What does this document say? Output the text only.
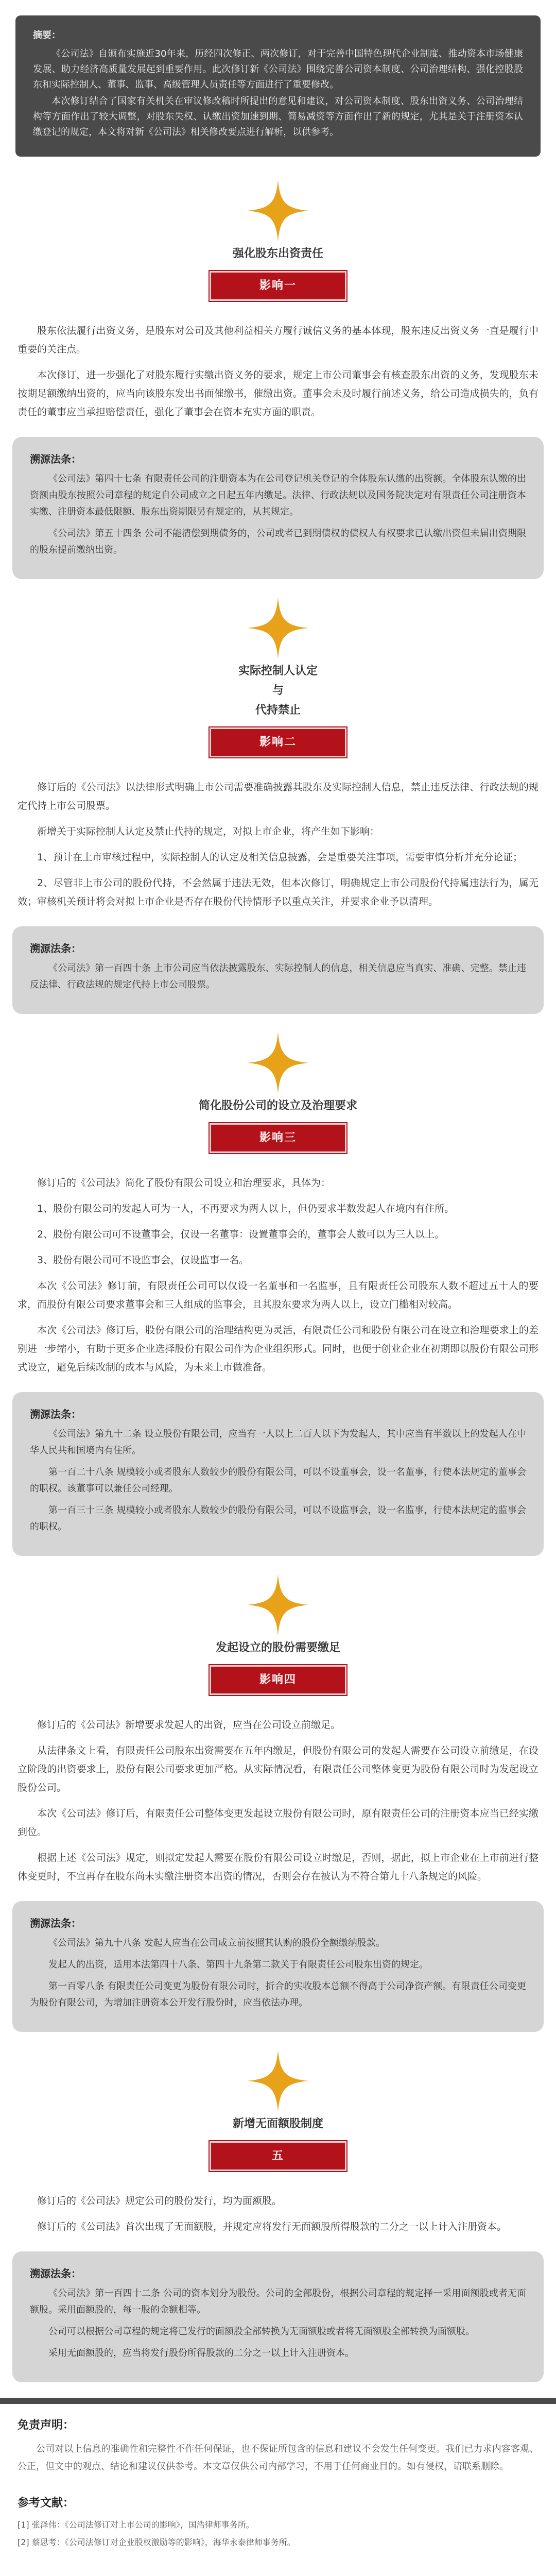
摘要：

《公司法》自颁布实施近30年来，历经四次修正、两次修订，对于完善中国特色现代企业制度、推动资本市场健康发展、助力经济高质量发展起到重要作用。此次修订新《公司法》围绕完善公司资本制度、公司治理结构、强化控股股东和实际控制人、董事、监事、高级管理人员责任等方面进行了重要修改。

本次修订结合了国家有关机关在审议修改稿时所提出的意见和建议，对公司资本制度、股东出资义务、公司治理结构等方面作出了较大调整，对股东失权、认缴出资加速到期、简易减资等方面作出了新的规定，尤其是关于注册资本认缴登记的规定，本文将对新《公司法》相关修改要点进行解析，以供参考。

强化股东出资责任

影响一

股东依法履行出资义务，是股东对公司及其他利益相关方履行诚信义务的基本体现，股东违反出资义务一直是履行中重要的关注点。

本次修订，进一步强化了对股东履行实缴出资义务的要求，规定上市公司董事会有核查股东出资的义务，发现股东未按期足额缴纳出资的，应当向该股东发出书面催缴书，催缴出资。董事会未及时履行前述义务，给公司造成损失的，负有责任的董事应当承担赔偿责任，强化了董事会在资本充实方面的职责。

溯源法条：

《公司法》第四十七条 有限责任公司的注册资本为在公司登记机关登记的全体股东认缴的出资额。全体股东认缴的出资额由股东按照公司章程的规定自公司成立之日起五年内缴足。法律、行政法规以及国务院决定对有限责任公司注册资本实缴、注册资本最低限额、股东出资期限另有规定的，从其规定。

《公司法》第五十四条 公司不能清偿到期债务的，公司或者已到期债权的债权人有权要求已认缴出资但未届出资期限的股东提前缴纳出资。

实际控制人认定

与

代持禁止

影响二

修订后的《公司法》以法律形式明确上市公司需要准确披露其股东及实际控制人信息，禁止违反法律、行政法规的规定代持上市公司股票。

新增关于实际控制人认定及禁止代持的规定，对拟上市企业，将产生如下影响：

1、预计在上市审核过程中，实际控制人的认定及相关信息披露，会是重要关注事项，需要审慎分析并充分论证；

2、尽管非上市公司的股份代持，不会然属于违法无效，但本次修订，明确规定上市公司股份代持属违法行为，属无效；审核机关预计将会对拟上市企业是否存在股份代持情形予以重点关注，并要求企业予以清理。

溯源法条：

《公司法》第一百四十条 上市公司应当依法披露股东、实际控制人的信息，相关信息应当真实、准确、完整。禁止违反法律、行政法规的规定代持上市公司股票。

简化股份公司的设立及治理要求

影响三

修订后的《公司法》简化了股份有限公司设立和治理要求，具体为：

1、股份有限公司的发起人可为一人，不再要求为两人以上，但仍要求半数发起人在境内有住所。

2、股份有限公司可不设董事会，仅设一名董事：设置董事会的，董事会人数可以为三人以上。

3、股份有限公司可不设监事会，仅设监事一名。

本次《公司法》修订前，有限责任公司可以仅设一名董事和一名监事，且有限责任公司股东人数不超过五十人的要求，而股份有限公司要求董事会和三人组成的监事会，且其股东要求为两人以上，设立门槛相对较高。

本次《公司法》修订后，股份有限公司的治理结构更为灵活，有限责任公司和股份有限公司在设立和治理要求上的差别进一步缩小，有助于更多企业选择股份有限公司作为企业组织形式。同时，也便于创业企业在初期即以股份有限公司形式设立，避免后续改制的成本与风险，为未来上市做准备。

溯源法条：

《公司法》第九十二条 设立股份有限公司，应当有一人以上二百人以下为发起人，其中应当有半数以上的发起人在中华人民共和国境内有住所。

第一百二十八条 规模较小或者股东人数较少的股份有限公司，可以不设董事会，设一名董事，行使本法规定的董事会的职权。该董事可以兼任公司经理。

第一百三十三条 规模较小或者股东人数较少的股份有限公司，可以不设监事会，设一名监事，行使本法规定的监事会的职权。

发起设立的股份需要缴足

影响四

修订后的《公司法》新增要求发起人的出资，应当在公司设立前缴足。

从法律条文上看，有限责任公司股东出资需要在五年内缴足，但股份有限公司的发起人需要在公司设立前缴足，在设立阶段的出资要求上，股份有限公司要求更加严格。从实际情况看，有限责任公司整体变更为股份有限公司时为发起设立股份公司。

本次《公司法》修订后，有限责任公司整体变更发起设立股份有限公司时，原有限责任公司的注册资本应当已经实缴到位。

根据上述《公司法》规定，则拟定发起人需要在股份有限公司设立时缴足，否则，据此，拟上市企业在上市前进行整体变更时，不宜再存在股东尚未实缴注册资本出资的情况，否则会存在被认为不符合第九十八条规定的风险。

溯源法条：

《公司法》第九十八条 发起人应当在公司成立前按照其认购的股份全额缴纳股款。

发起人的出资，适用本法第四十八条、第四十九条第二款关于有限责任公司股东出资的规定。

第一百零八条 有限责任公司变更为股份有限公司时，折合的实收股本总额不得高于公司净资产额。有限责任公司变更为股份有限公司，为增加注册资本公开发行股份时，应当依法办理。

新增无面额股制度

五

修订后的《公司法》规定公司的股份发行，均为面额股。

修订后的《公司法》首次出现了无面额股，并规定应将发行无面额股所得股款的二分之一以上计入注册资本。

溯源法条：

《公司法》第一百四十二条 公司的资本划分为股份。公司的全部股份，根据公司章程的规定择一采用面额股或者无面额股。采用面额股的，每一股的金额相等。

公司可以根据公司章程的规定将已发行的面额股全部转换为无面额股或者将无面额股全部转换为面额股。

采用无面额股的，应当将发行股份所得股款的二分之一以上计入注册资本。

免责声明：

公司对以上信息的准确性和完整性不作任何保证，也不保证所包含的信息和建议不会发生任何变更。我们已力求内容客观、公正，但文中的观点、结论和建议仅供参考。本文章仅供公司内部学习，不用于任何商业目的。如有侵权，请联系删除。

参考文献：
[1] 张泽伟：《公司法修订对上市公司的影响》，国浩律师事务所。
[2] 蔡思考：《公司法修订对企业股权激励等的影响》，海华永泰律师事务所。
